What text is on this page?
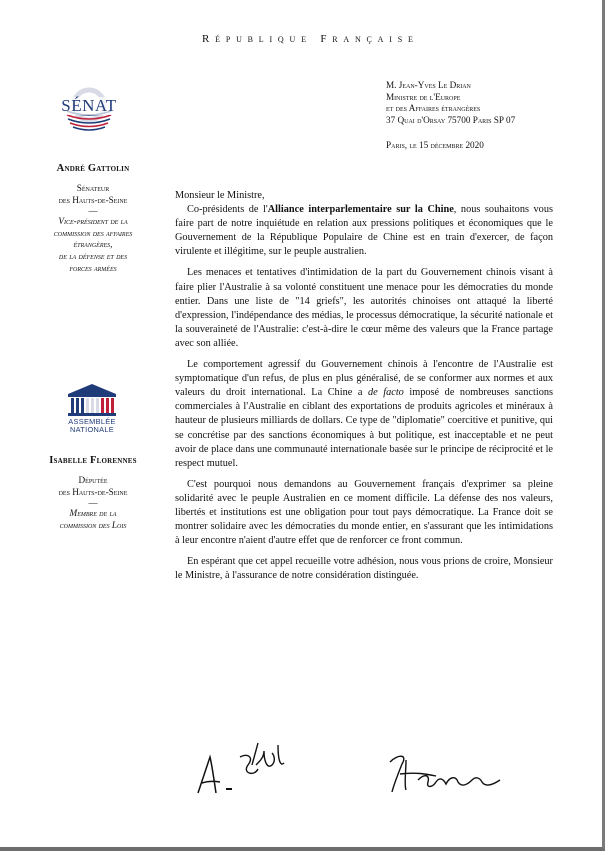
République Française
M. Jean-Yves Le Drian
Ministre de l'Europe
et des Affaires étrangères
37 Quai d'Orsay 75700 Paris SP 07
Paris, le 15 décembre 2020
SÉNAT
André Gattolin
Sénateur
des Hauts-de-Seine
—
Vice-président de la
commission des affaires
étrangères,
de la défense et des
forces armées
ASSEMBLÉE
NATIONALE
Isabelle Florennes
Députée
des Hauts-de-Seine
—
Membre de la
commission des Lois

Monsieur le Ministre,

Co-présidents de l'Alliance interparlementaire sur la Chine, nous souhaitons vous faire part de notre inquiétude en relation aux pressions politiques et économiques que le Gouvernement de la République Populaire de Chine est en train d'exercer, de façon virulente et illégitime, sur le peuple australien.

Les menaces et tentatives d'intimidation de la part du Gouvernement chinois visant à faire plier l'Australie à sa volonté constituent une menace pour les démocraties du monde entier. Dans une liste de "14 griefs", les autorités chinoises ont attaqué la liberté d'expression, l'indépendance des médias, le processus démocratique, la sécurité nationale et la souveraineté de l'Australie: c'est-à-dire le cœur même des valeurs que la France partage avec son alliée.

Le comportement agressif du Gouvernement chinois à l'encontre de l'Australie est symptomatique d'un refus, de plus en plus généralisé, de se conformer aux normes et aux valeurs du droit international. La Chine a de facto imposé de nombreuses sanctions commerciales à l'Australie en ciblant des exportations de produits agricoles et minéraux à hauteur de plusieurs milliards de dollars. Ce type de "diplomatie" coercitive et punitive, qui se concrétise par des sanctions économiques à but politique, est inacceptable et ne peut avoir de place dans une communauté internationale basée sur le principe de réciprocité et le respect mutuel.

C'est pourquoi nous demandons au Gouvernement français d'exprimer sa pleine solidarité avec le peuple Australien en ce moment difficile. La défense des nos valeurs, libertés et institutions est une obligation pour tout pays démocratique. La France doit se montrer solidaire avec les démocraties du monde entier, en s'assurant que les intimidations à leur encontre n'aient d'autre effet que de renforcer ce front commun.

En espérant que cet appel recueille votre adhésion, nous vous prions de croire, Monsieur le Ministre, à l'assurance de notre considération distinguée.
